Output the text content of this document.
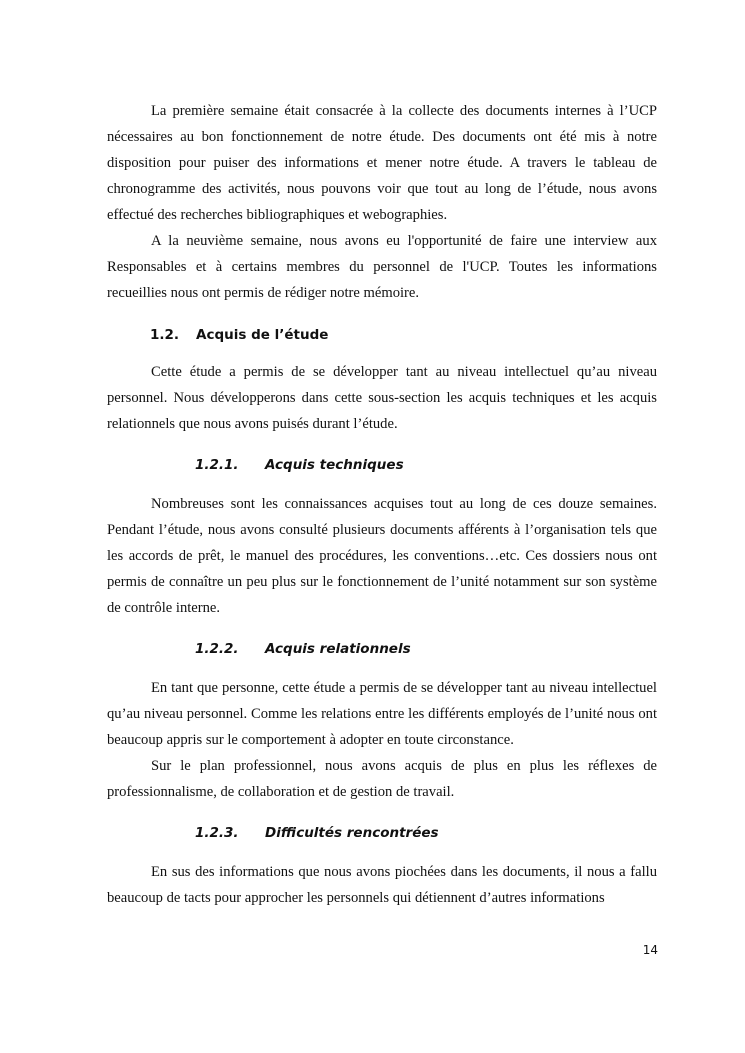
La première semaine était consacrée à la collecte des documents internes à l’UCP nécessaires au bon fonctionnement de notre étude. Des documents ont été mis à notre disposition pour puiser des informations et mener notre étude. A travers le tableau de chronogramme des activités, nous pouvons voir que tout au long de l’étude, nous avons effectué des recherches bibliographiques et webographies.

A la neuvième semaine, nous avons eu l'opportunité de faire une interview aux Responsables et à certains membres du personnel de l'UCP. Toutes les informations recueillies nous ont permis de rédiger notre mémoire.

1.2. Acquis de l’étude

Cette étude a permis de se développer tant au niveau intellectuel qu’au niveau personnel. Nous développerons dans cette sous-section les acquis techniques et les acquis relationnels que nous avons puisés durant l’étude.

1.2.1. Acquis techniques

Nombreuses sont les connaissances acquises tout au long de ces douze semaines. Pendant l’étude, nous avons consulté plusieurs documents afférents à l’organisation tels que les accords de prêt, le manuel des procédures, les conventions…etc. Ces dossiers nous ont permis de connaître un peu plus sur le fonctionnement de l’unité notamment sur son système de contrôle interne.

1.2.2. Acquis relationnels

En tant que personne, cette étude a permis de se développer tant au niveau intellectuel qu’au niveau personnel. Comme les relations entre les différents employés de l’unité nous ont beaucoup appris sur le comportement à adopter en toute circonstance.

Sur le plan professionnel, nous avons acquis de plus en plus les réflexes de professionnalisme, de collaboration et de gestion de travail.

1.2.3. Difficultés rencontrées

En sus des informations que nous avons piochées dans les documents, il nous a fallu beaucoup de tacts pour approcher les personnels qui détiennent d’autres informations

14
